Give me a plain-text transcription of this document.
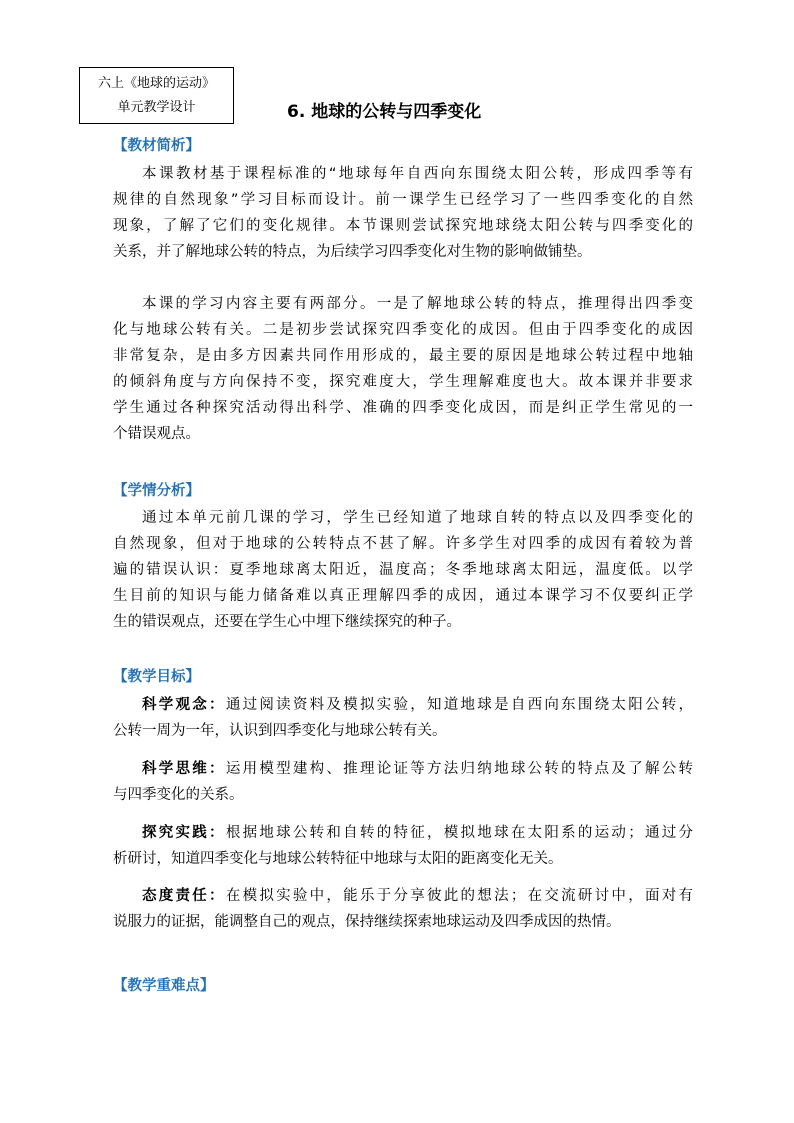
六上《地球的运动》
单元教学设计	6. 地球的公转与四季变化
【教材简析】
本课教材基于课程标准的“地球每年自西向东围绕太阳公转，形成四季等有
规律的自然现象”学习目标而设计。前一课学生已经学习了一些四季变化的自然
现象，了解了它们的变化规律。本节课则尝试探究地球绕太阳公转与四季变化的
关系，并了解地球公转的特点，为后续学习四季变化对生物的影响做铺垫。
本课的学习内容主要有两部分。一是了解地球公转的特点，推理得出四季变
化与地球公转有关。二是初步尝试探究四季变化的成因。但由于四季变化的成因
非常复杂，是由多方因素共同作用形成的，最主要的原因是地球公转过程中地轴
的倾斜角度与方向保持不变，探究难度大，学生理解难度也大。故本课并非要求
学生通过各种探究活动得出科学、准确的四季变化成因，而是纠正学生常见的一
个错误观点。
【学情分析】
通过本单元前几课的学习，学生已经知道了地球自转的特点以及四季变化的
自然现象，但对于地球的公转特点不甚了解。许多学生对四季的成因有着较为普
遍的错误认识：夏季地球离太阳近，温度高；冬季地球离太阳远，温度低。以学
生目前的知识与能力储备难以真正理解四季的成因，通过本课学习不仅要纠正学
生的错误观点，还要在学生心中埋下继续探究的种子。
【教学目标】
科学观念：通过阅读资料及模拟实验，知道地球是自西向东围绕太阳公转，
公转一周为一年，认识到四季变化与地球公转有关。
科学思维：运用模型建构、推理论证等方法归纳地球公转的特点及了解公转
与四季变化的关系。
探究实践：根据地球公转和自转的特征，模拟地球在太阳系的运动；通过分
析研讨，知道四季变化与地球公转特征中地球与太阳的距离变化无关。
态度责任：在模拟实验中，能乐于分享彼此的想法；在交流研讨中，面对有
说服力的证据，能调整自己的观点，保持继续探索地球运动及四季成因的热情。
【教学重难点】
